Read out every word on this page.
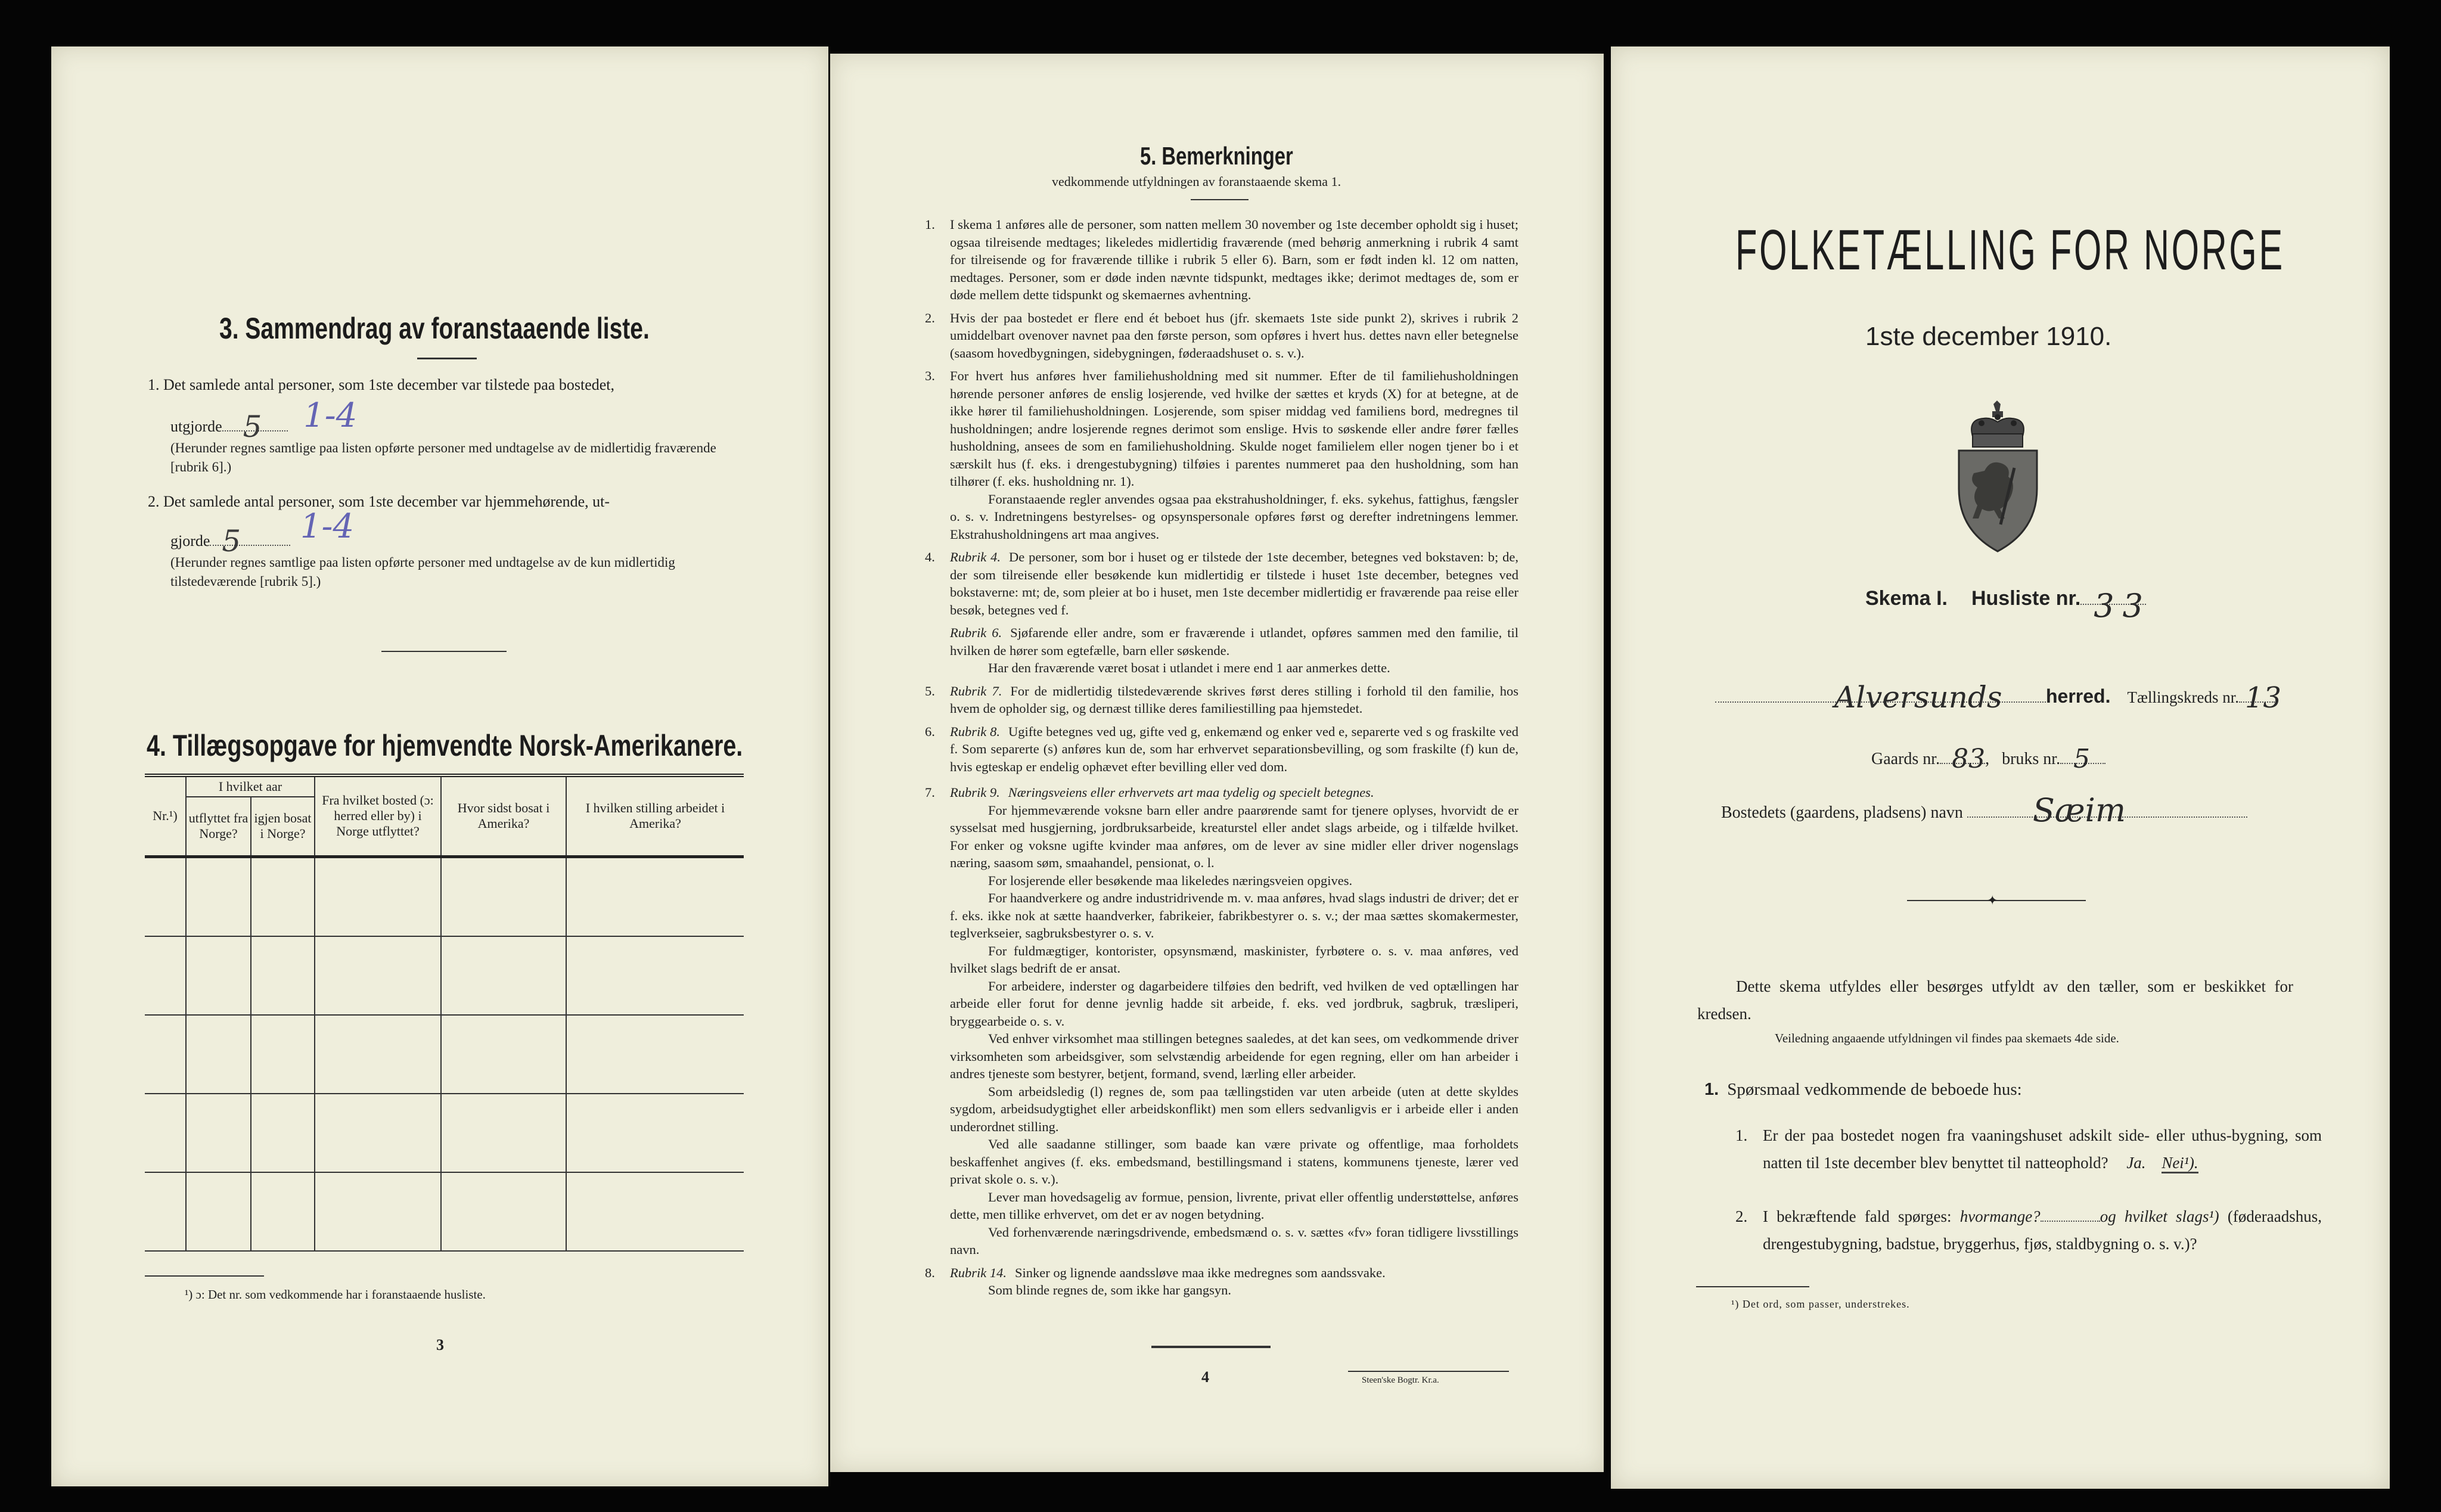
3. Sammendrag av foranstaaende liste.
1. Det samlede antal personer, som 1ste december var tilstede paa bostedet,
utgjorde 5 1-4
(Herunder regnes samtlige paa listen opførte personer med undtagelse av de midlertidig fraværende [rubrik 6].)
2. Det samlede antal personer, som 1ste december var hjemmehørende, ut-
gjorde 5 1-4
(Herunder regnes samtlige paa listen opførte personer med undtagelse av de kun midlertidig tilstedeværende [rubrik 5].)
4. Tillægsopgave for hjemvendte Norsk-Amerikanere.
Nr.¹)	I hvilket aar		Fra hvilket bosted (ɔ: herred eller by) i Norge utflyttet?	Hvor sidst bosat i Amerika?	I hvilken stilling arbeidet i Amerika?
	utflyttet fra Norge?	igjen bosat i Norge?			

¹) ɔ: Det nr. som vedkommende har i foranstaaende husliste.
3
5. Bemerkninger
vedkommende utfyldningen av foranstaaende skema 1.
1. I skema 1 anføres alle de personer, som natten mellem 30 november og 1ste december opholdt sig i huset; ogsaa tilreisende medtages; likeledes midlertidig fraværende (med behørig anmerkning i rubrik 4 samt for tilreisende og for fraværende tillike i rubrik 5 eller 6). Barn, som er født inden kl. 12 om natten, medtages. Personer, som er døde inden nævnte tidspunkt, medtages ikke; derimot medtages de, som er døde mellem dette tidspunkt og skemaernes avhentning.

2. Hvis der paa bostedet er flere end ét beboet hus (jfr. skemaets 1ste side punkt 2), skrives i rubrik 2 umiddelbart ovenover navnet paa den første person, som opføres i hvert hus. dettes navn eller betegnelse (saasom hovedbygningen, sidebygningen, føderaadshuset o. s. v.).

3. For hvert hus anføres hver familiehusholdning med sit nummer. Efter de til familiehusholdningen hørende personer anføres de enslig losjerende, ved hvilke der sættes et kryds (X) for at betegne, at de ikke hører til familiehusholdningen. Losjerende, som spiser middag ved familiens bord, medregnes til husholdningen; andre losjerende regnes derimot som enslige. Hvis to søskende eller andre fører fælles husholdning, ansees de som en familiehusholdning. Skulde noget familielem eller nogen tjener bo i et særskilt hus (f. eks. i drengestubygning) tilføies i parentes nummeret paa den husholdning, som han tilhører (f. eks. husholdning nr. 1).

Foranstaaende regler anvendes ogsaa paa ekstrahusholdninger, f. eks. sykehus, fattighus, fængsler o. s. v. Indretningens bestyrelses- og opsynspersonale opføres først og derefter indretningens lemmer. Ekstrahusholdningens art maa angives.

4. Rubrik 4. De personer, som bor i huset og er tilstede der 1ste december, betegnes ved bokstaven: b; de, der som tilreisende eller besøkende kun midlertidig er tilstede i huset 1ste december, betegnes ved bokstaverne: mt; de, som pleier at bo i huset, men 1ste december midlertidig er fraværende paa reise eller besøk, betegnes ved f.

Rubrik 6. Sjøfarende eller andre, som er fraværende i utlandet, opføres sammen med den familie, til hvilken de hører som egtefælle, barn eller søskende.

Har den fraværende været bosat i utlandet i mere end 1 aar anmerkes dette.

5. Rubrik 7. For de midlertidig tilstedeværende skrives først deres stilling i forhold til den familie, hos hvem de opholder sig, og dernæst tillike deres familiestilling paa hjemstedet.

6. Rubrik 8. Ugifte betegnes ved ug, gifte ved g, enkemænd og enker ved e, separerte ved s og fraskilte ved f. Som separerte (s) anføres kun de, som har erhvervet separationsbevilling, og som fraskilte (f) kun de, hvis egteskap er endelig ophævet efter bevilling eller ved dom.

7. Rubrik 9. Næringsveiens eller erhvervets art maa tydelig og specielt betegnes.

For hjemmeværende voksne barn eller andre paarørende samt for tjenere oplyses, hvorvidt de er sysselsat med husgjerning, jordbruksarbeide, kreaturstel eller andet slags arbeide, og i tilfælde hvilket. For enker og voksne ugifte kvinder maa anføres, om de lever av sine midler eller driver nogenslags næring, saasom søm, smaahandel, pensionat, o. l.

For losjerende eller besøkende maa likeledes næringsveien opgives.

For haandverkere og andre industridrivende m. v. maa anføres, hvad slags industri de driver; det er f. eks. ikke nok at sætte haandverker, fabrikeier, fabrikbestyrer o. s. v.; der maa sættes skomakermester, teglverkseier, sagbruksbestyrer o. s. v.

For fuldmægtiger, kontorister, opsynsmænd, maskinister, fyrbøtere o. s. v. maa anføres, ved hvilket slags bedrift de er ansat.

For arbeidere, inderster og dagarbeidere tilføies den bedrift, ved hvilken de ved optællingen har arbeide eller forut for denne jevnlig hadde sit arbeide, f. eks. ved jordbruk, sagbruk, træsliperi, bryggearbeide o. s. v.

Ved enhver virksomhet maa stillingen betegnes saaledes, at det kan sees, om vedkommende driver virksomheten som arbeidsgiver, som selvstændig arbeidende for egen regning, eller om han arbeider i andres tjeneste som bestyrer, betjent, formand, svend, lærling eller arbeider.

Som arbeidsledig (l) regnes de, som paa tællingstiden var uten arbeide (uten at dette skyldes sygdom, arbeidsudygtighet eller arbeidskonflikt) men som ellers sedvanligvis er i arbeide eller i anden underordnet stilling.

Ved alle saadanne stillinger, som baade kan være private og offentlige, maa forholdets beskaffenhet angives (f. eks. embedsmand, bestillingsmand i statens, kommunens tjeneste, lærer ved privat skole o. s. v.).

Lever man hovedsagelig av formue, pension, livrente, privat eller offentlig understøttelse, anføres dette, men tillike erhvervet, om det er av nogen betydning.

Ved forhenværende næringsdrivende, embedsmænd o. s. v. sættes «fv» foran tidligere livsstillings navn.

8. Rubrik 14. Sinker og lignende aandssløve maa ikke medregnes som aandssvake.

Som blinde regnes de, som ikke har gangsyn.

4	Steen'ske Bogtr. Kr.a.
FOLKETÆLLING FOR NORGE
1ste december 1910.
Skema I. Husliste nr. 33
Alversunds herred. Tællingskreds nr. 13
Gaards nr. 83 ,   bruks nr. 5
Bostedets (gaardens, pladsens) navn Sæim
✦
Dette skema utfyldes eller besørges utfyldt av den tæller, som er beskikket for kredsen.
Veiledning angaaende utfyldningen vil findes paa skemaets 4de side.
1. Spørsmaal vedkommende de beboede hus:
1. Er der paa bostedet nogen fra vaaningshuset adskilt side- eller uthus-bygning, som natten til 1ste december blev benyttet til natteophold? Ja. Nei¹).
2. I bekræftende fald spørges: hvormange?	og hvilket slags¹) (føderaadshus, drengestubygning, badstue, bryggerhus, fjøs, staldbygning o. s. v.)?
¹) Det ord, som passer, understrekes.
